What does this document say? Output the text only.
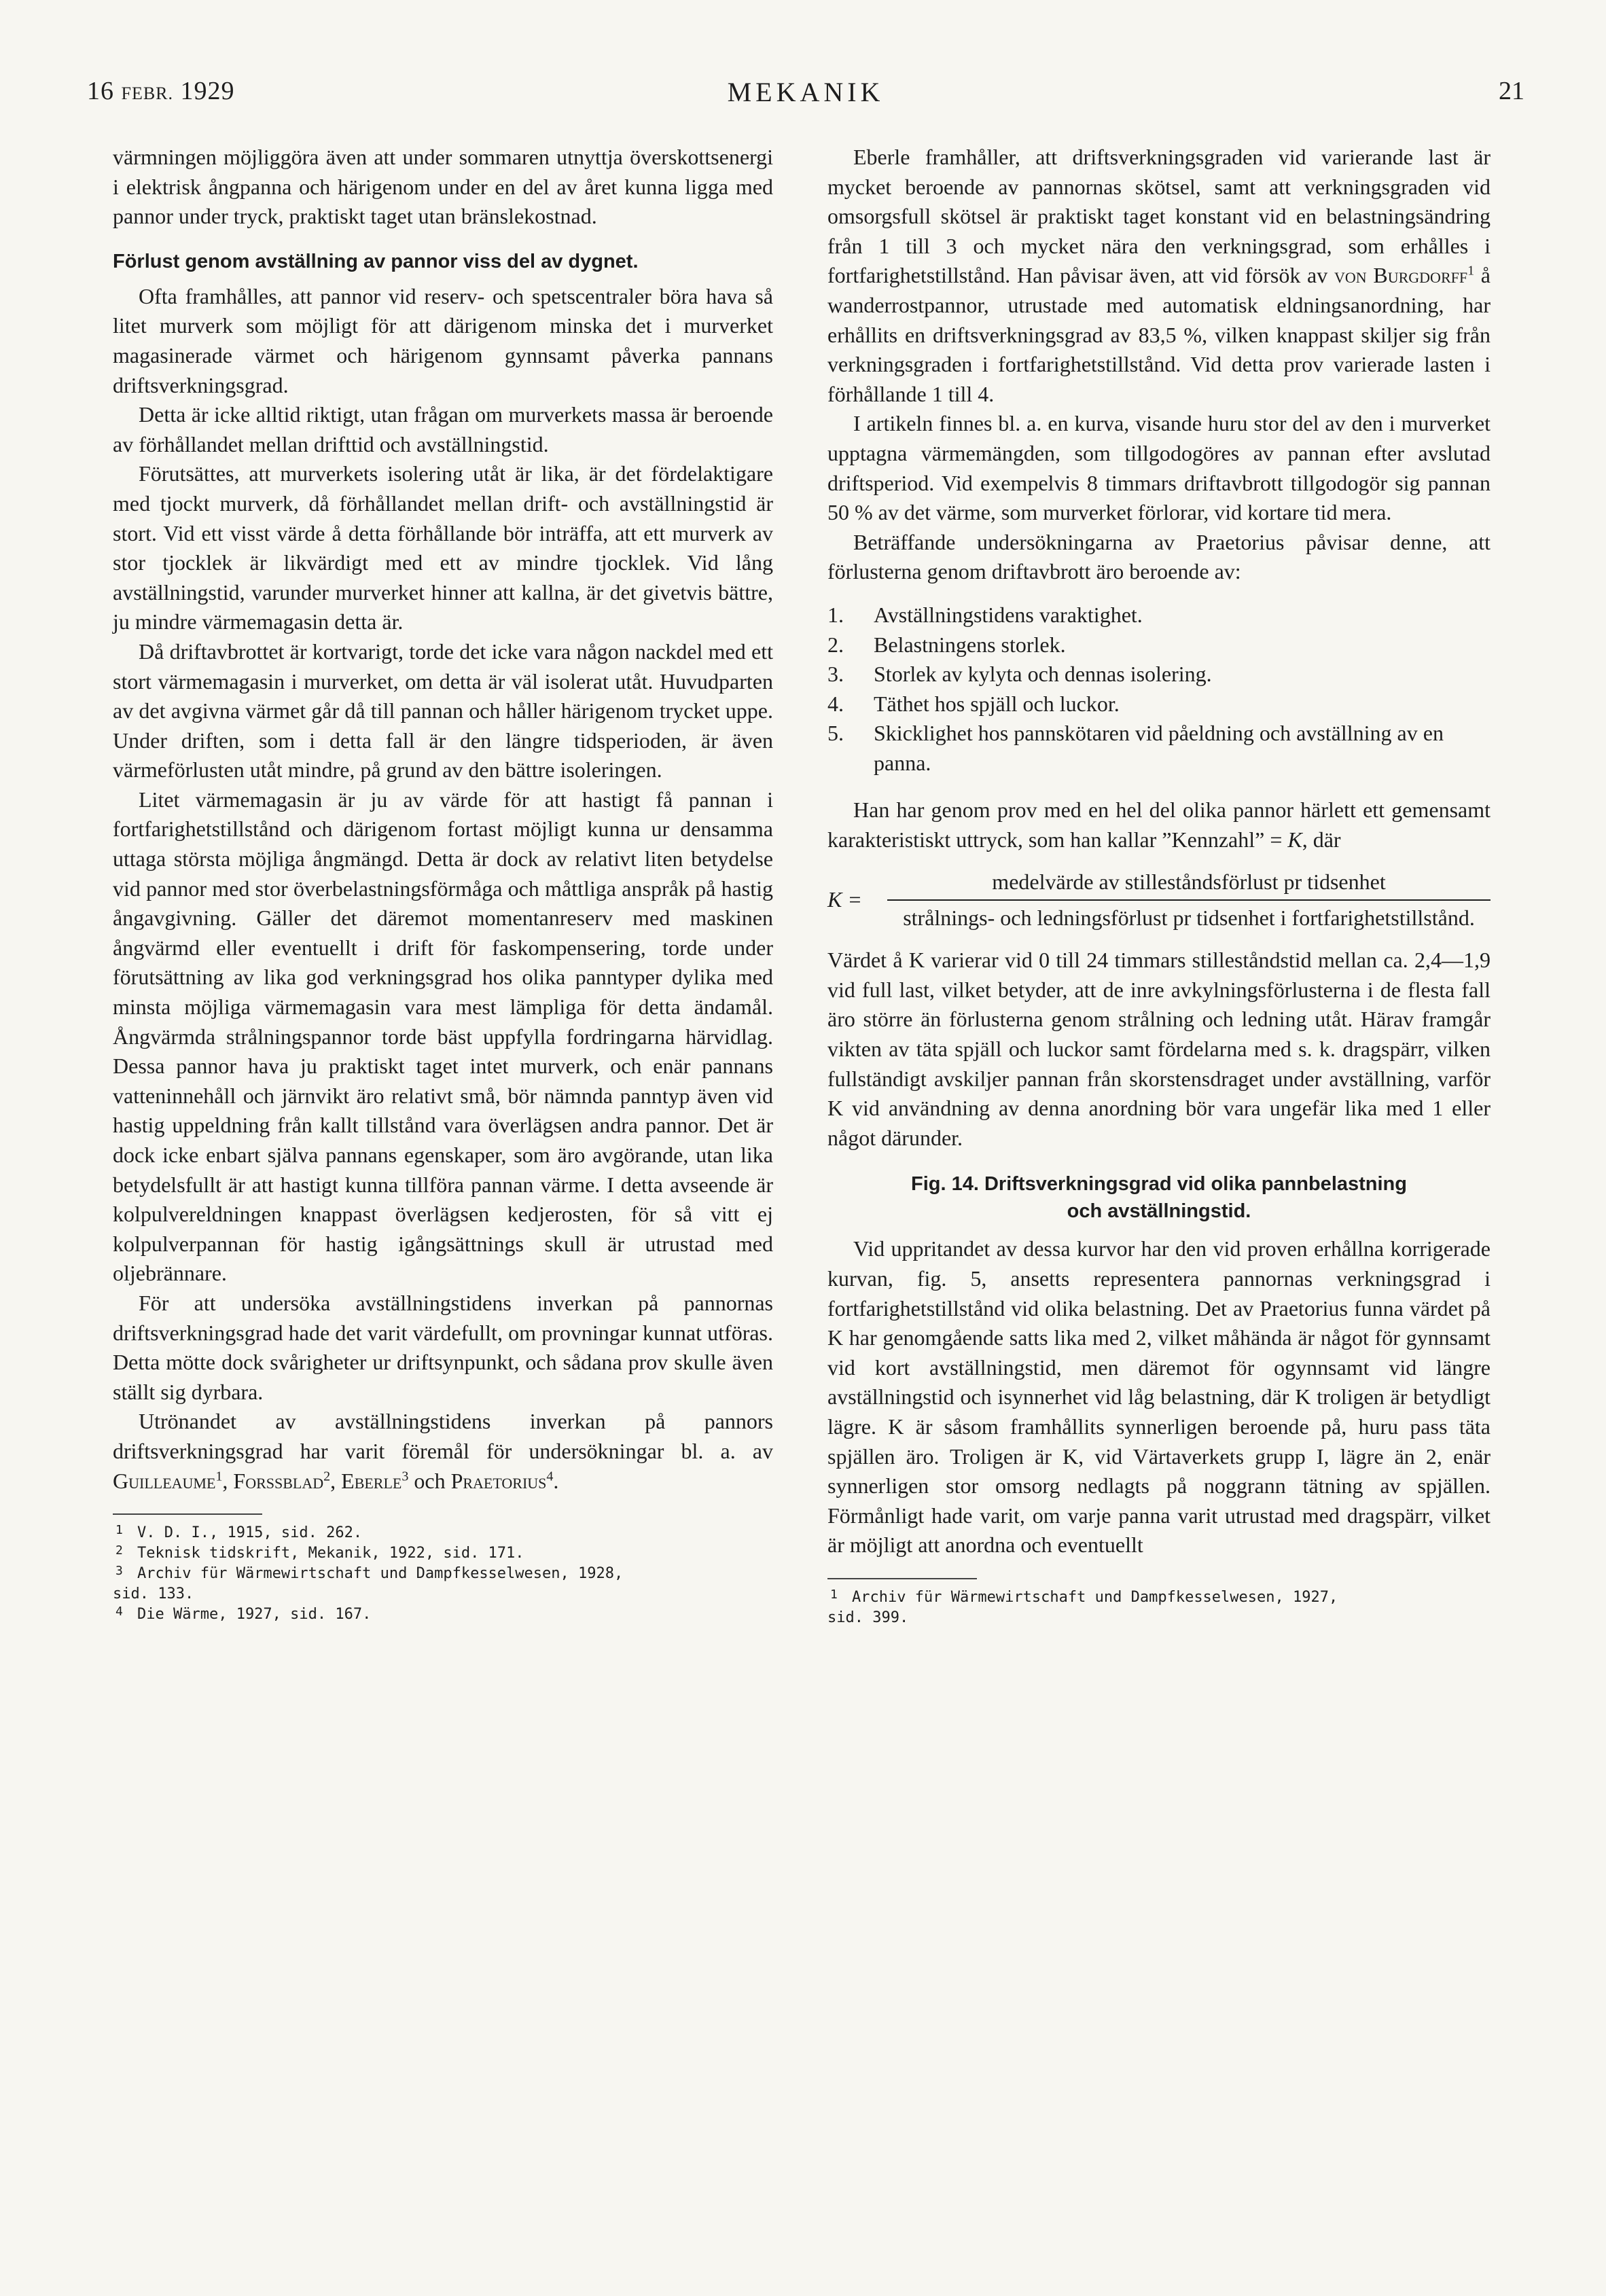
16 FEBR. 1929	MEKANIK	21

värmningen möjliggöra även att under sommaren utnyttja överskottsenergi i elektrisk ångpanna och härigenom under en del av året kunna ligga med pannor under tryck, praktiskt taget utan bränslekostnad.

Förlust genom avställning av pannor viss del av dygnet.

Ofta framhålles, att pannor vid reserv- och spetscentraler böra hava så litet murverk som möjligt för att därigenom minska det i murverket magasinerade värmet och härigenom gynnsamt påverka pannans driftsverkningsgrad.

Detta är icke alltid riktigt, utan frågan om murverkets massa är beroende av förhållandet mellan drifttid och avställningstid.

Förutsättes, att murverkets isolering utåt är lika, är det fördelaktigare med tjockt murverk, då förhållandet mellan drift- och avställningstid är stort. Vid ett visst värde å detta förhållande bör inträffa, att ett murverk av stor tjocklek är likvärdigt med ett av mindre tjocklek. Vid lång avställningstid, varunder murverket hinner att kallna, är det givetvis bättre, ju mindre värmemagasin detta är.

Då driftavbrottet är kortvarigt, torde det icke vara någon nackdel med ett stort värmemagasin i murverket, om detta är väl isolerat utåt. Huvudparten av det avgivna värmet går då till pannan och håller härigenom trycket uppe. Under driften, som i detta fall är den längre tidsperioden, är även värmeförlusten utåt mindre, på grund av den bättre isoleringen.

Litet värmemagasin är ju av värde för att hastigt få pannan i fortfarighetstillstånd och därigenom fortast möjligt kunna ur densamma uttaga största möjliga ångmängd. Detta är dock av relativt liten betydelse vid pannor med stor överbelastningsförmåga och måttliga anspråk på hastig ångavgivning. Gäller det däremot momentanreserv med maskinen ångvärmd eller eventuellt i drift för faskompensering, torde under förutsättning av lika god verkningsgrad hos olika panntyper dylika med minsta möjliga värmemagasin vara mest lämpliga för detta ändamål. Ångvärmda strålningspannor torde bäst uppfylla fordringarna härvidlag. Dessa pannor hava ju praktiskt taget intet murverk, och enär pannans vatteninnehåll och järnvikt äro relativt små, bör nämnda panntyp även vid hastig uppeldning från kallt tillstånd vara överlägsen andra pannor. Det är dock icke enbart själva pannans egenskaper, som äro avgörande, utan lika betydelsfullt är att hastigt kunna tillföra pannan värme. I detta avseende är kolpulvereldningen knappast överlägsen kedjerosten, för så vitt ej kolpulverpannan för hastig igångsättnings skull är utrustad med oljebrännare.

För att undersöka avställningstidens inverkan på pannornas driftsverkningsgrad hade det varit värdefullt, om provningar kunnat utföras. Detta mötte dock svårigheter ur driftsynpunkt, och sådana prov skulle även ställt sig dyrbara.

Utrönandet av avställningstidens inverkan på pannors driftsverkningsgrad har varit föremål för undersökningar bl. a. av Guilleaume$^1$, Forssblad$^2$, Eberle$^3$ och Praetorius$^4$.

1 V. D. I., 1915, sid. 262.
2 Teknisk tidskrift, Mekanik, 1922, sid. 171.
3 Archiv für Wärmewirtschaft und Dampfkesselwesen, 1928,
sid. 133.
4 Die Wärme, 1927, sid. 167.

Eberle framhåller, att driftsverkningsgraden vid varierande last är mycket beroende av pannornas skötsel, samt att verkningsgraden vid omsorgsfull skötsel är praktiskt taget konstant vid en belastningsändring från 1 till 3 och mycket nära den verkningsgrad, som erhålles i fortfarighetstillstånd. Han påvisar även, att vid försök av von Burgdorff$^1$ å wanderrostpannor, utrustade med automatisk eldningsanordning, har erhållits en driftsverkningsgrad av 83,5 %, vilken knappast skiljer sig från verkningsgraden i fortfarighetstillstånd. Vid detta prov varierade lasten i förhållande 1 till 4.

I artikeln finnes bl. a. en kurva, visande huru stor del av den i murverket upptagna värmemängden, som tillgodogöres av pannan efter avslutad driftsperiod. Vid exempelvis 8 timmars driftavbrott tillgodogör sig pannan 50 % av det värme, som murverket förlorar, vid kortare tid mera.

Beträffande undersökningarna av Praetorius påvisar denne, att förlusterna genom driftavbrott äro beroende av:

1.	Avställningstidens varaktighet.
2.	Belastningens storlek.
3.	Storlek av kylyta och dennas isolering.
4.	Täthet hos spjäll och luckor.
5.	Skicklighet hos pannskötaren vid påeldning och avställning av en panna.

Han har genom prov med en hel del olika pannor härlett ett gemensamt karakteristiskt uttryck, som han kallar ”Kennzahl” = K, där

K =
medelvärde av stilleståndsförlust pr tidsenhet
strålnings- och ledningsförlust pr tidsenhet i fortfarighetstillstånd.

Värdet å K varierar vid 0 till 24 timmars stilleståndstid mellan ca. 2,4—1,9 vid full last, vilket betyder, att de inre avkylningsförlusterna i de flesta fall äro större än förlusterna genom strålning och ledning utåt. Härav framgår vikten av täta spjäll och luckor samt fördelarna med s. k. dragspärr, vilken fullständigt avskiljer pannan från skorstensdraget under avställning, varför K vid användning av denna anordning bör vara ungefär lika med 1 eller något därunder.

Fig. 14. Driftsverkningsgrad vid olika pannbelastning
och avställningstid.

Vid uppritandet av dessa kurvor har den vid proven erhållna korrigerade kurvan, fig. 5, ansetts representera pannornas verkningsgrad i fortfarighetstillstånd vid olika belastning. Det av Praetorius funna värdet på K har genomgående satts lika med 2, vilket måhända är något för gynnsamt vid kort avställningstid, men däremot för ogynnsamt vid längre avställningstid och isynnerhet vid låg belastning, där K troligen är betydligt lägre. K är såsom framhållits synnerligen beroende på, huru pass täta spjällen äro. Troligen är K, vid Värtaverkets grupp I, lägre än 2, enär synnerligen stor omsorg nedlagts på noggrann tätning av spjällen. Förmånligt hade varit, om varje panna varit utrustad med dragspärr, vilket är möjligt att anordna och eventuellt

1 Archiv für Wärmewirtschaft und Dampfkesselwesen, 1927,
sid. 399.
